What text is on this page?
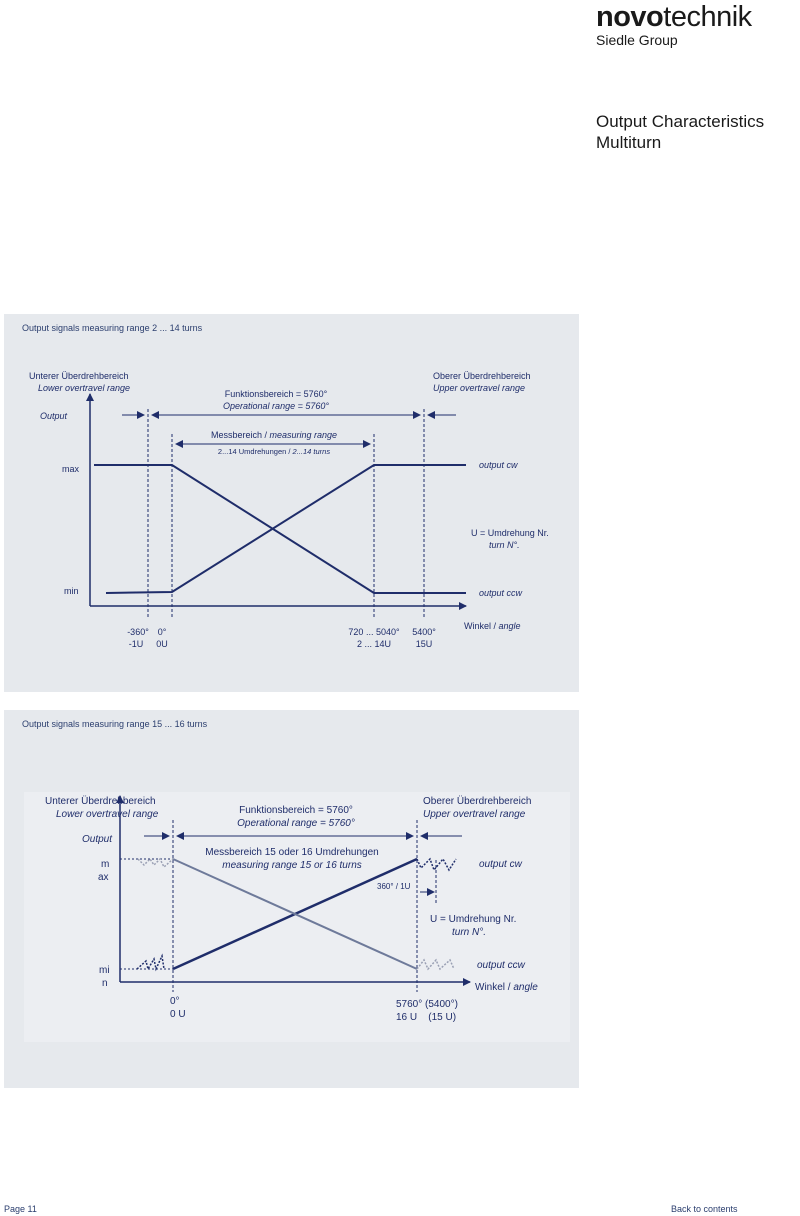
novotechnik
Siedle Group
Output Characteristics
Multiturn
Output signals measuring range 2 ... 14 turns
Unterer Überdrehbereich
Lower overtravel range
Oberer Überdrehbereich
Upper overtravel range
Funktionsbereich = 5760°
Operational range = 5760°
Output
Messbereich / measuring range
2...14 Umdrehungen / 2...14 turns
max
min
output cw
output ccw
U = Umdrehung Nr.
turn N°.
-360°
-1U
0°
0U
720 ... 5040°
2 ... 14U
5400°
15U
Winkel / angle
Output signals measuring range 15 ... 16 turns
Unterer Überdrehbereich
Lower overtravel range
Oberer Überdrehbereich
Upper overtravel range
Funktionsbereich = 5760°
Operational range = 5760°
Output
Messbereich 15 oder 16 Umdrehungen
measuring range 15 or 16 turns
m
ax
mi
n
output cw
output ccw
360° / 1U
U = Umdrehung Nr.
turn N°.
0°
0 U
5760° (5400°)
16 U    (15 U)
Winkel / angle
Page 11	Back to contents
